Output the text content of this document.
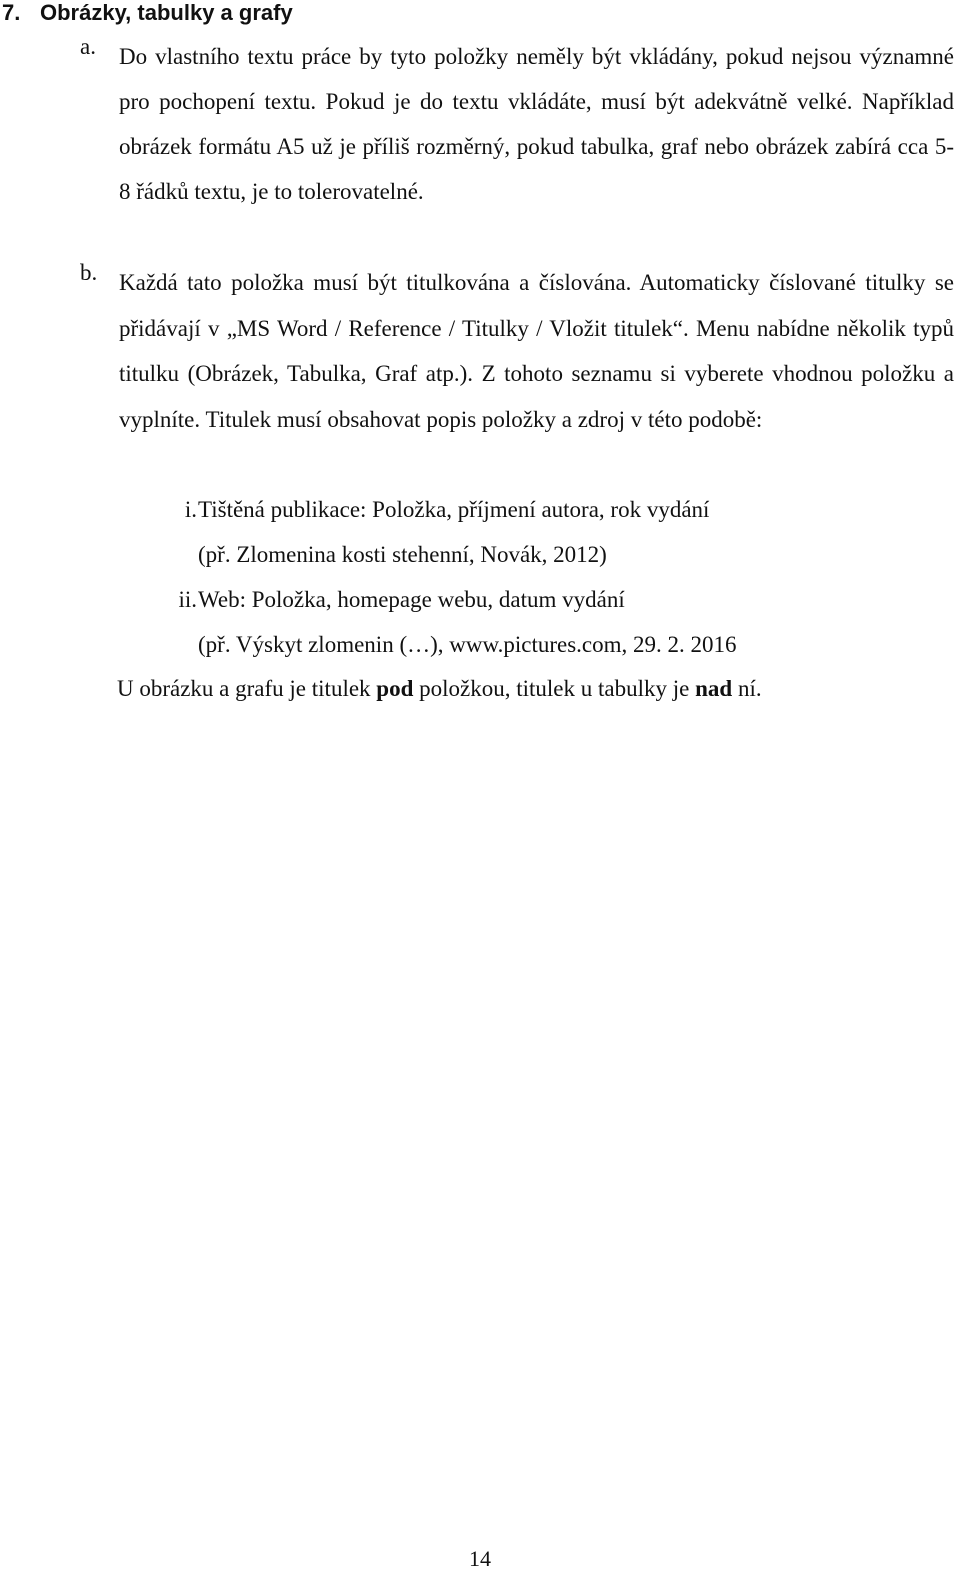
7. Obrázky, tabulky a grafy
a. Do vlastního textu práce by tyto položky neměly být vkládány, pokud nejsou významné pro pochopení textu. Pokud je do textu vkládáte, musí být adekvátně velké. Například obrázek formátu A5 už je příliš rozměrný, pokud tabulka, graf nebo obrázek zabírá cca 5-8 řádků textu, je to tolerovatelné.
b. Každá tato položka musí být titulkována a číslována. Automaticky číslované titulky se přidávají v „MS Word / Reference / Titulky / Vložit titulek“. Menu nabídne několik typů titulku (Obrázek, Tabulka, Graf atp.). Z tohoto seznamu si vyberete vhodnou položku a vyplníte. Titulek musí obsahovat popis položky a zdroj v této podobě:
i. Tištěná publikace: Položka, příjmení autora, rok vydání
(př. Zlomenina kosti stehenní, Novák, 2012)
ii. Web: Položka, homepage webu, datum vydání
(př. Výskyt zlomenin (…), www.pictures.com, 29. 2. 2016
U obrázku a grafu je titulek pod položkou, titulek u tabulky je nad ní.
14
